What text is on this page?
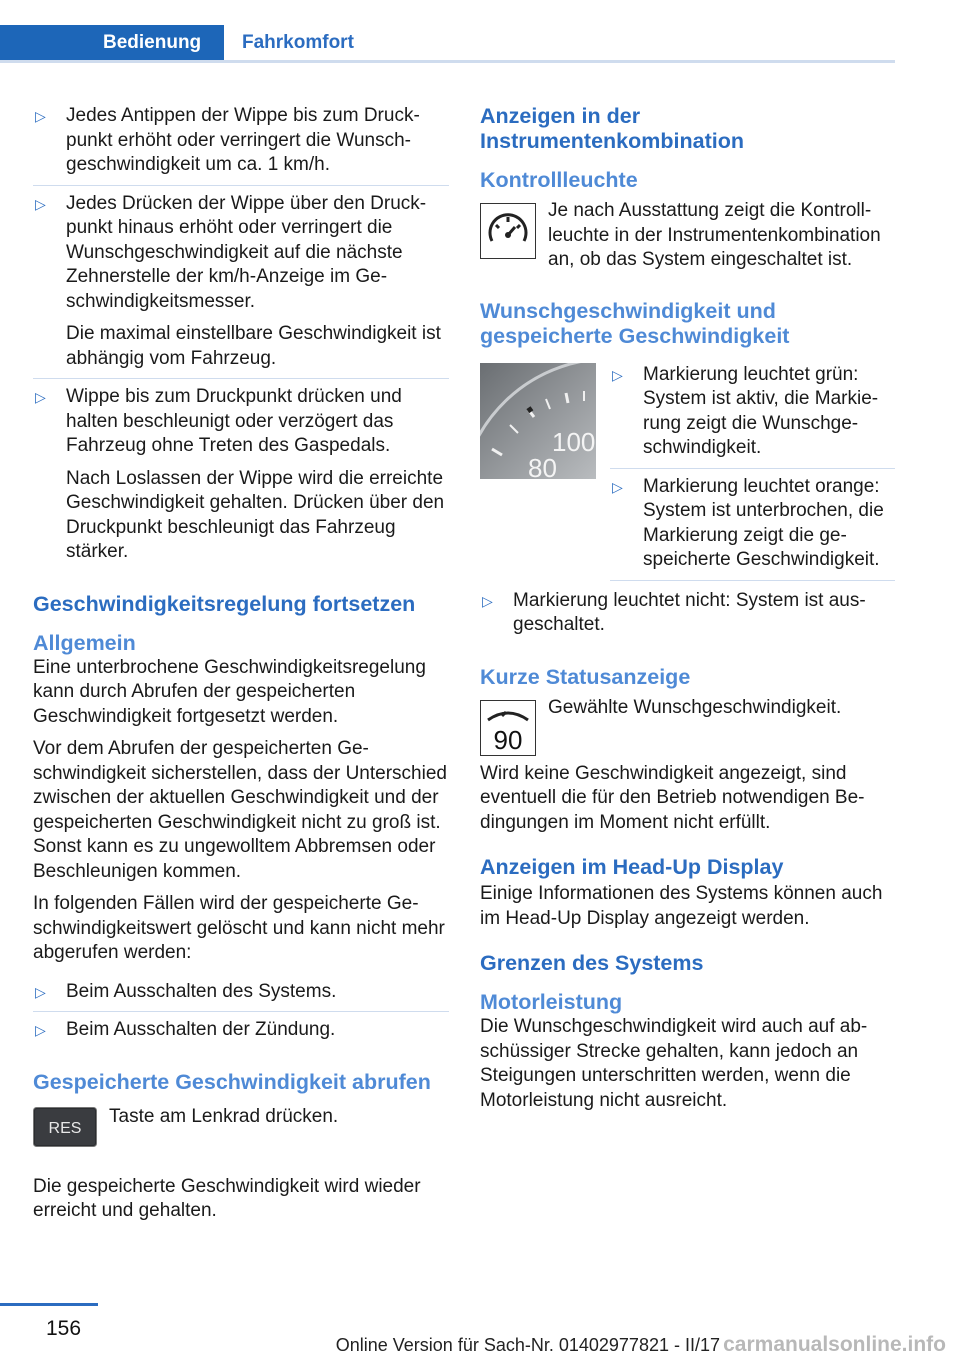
Bedienung	Fahrkomfort
▷ Jedes Antippen der Wippe bis zum Druckpunkt erhöht oder verringert die Wunschgeschwindigkeit um ca. 1 km/h.
▷ Jedes Drücken der Wippe über den Druckpunkt hinaus erhöht oder verringert die Wunschgeschwindigkeit auf die nächste Zehnerstelle der km/h-Anzeige im Geschwindigkeitsmesser.

Die maximal einstellbare Geschwindigkeit ist abhängig vom Fahrzeug.

▷ Wippe bis zum Druckpunkt drücken und halten beschleunigt oder verzögert das Fahrzeug ohne Treten des Gaspedals.

Nach Loslassen der Wippe wird die erreichte Geschwindigkeit gehalten. Drücken über den Druckpunkt beschleunigt das Fahrzeug stärker.

Geschwindigkeitsregelung fortsetzen
Allgemein

Eine unterbrochene Geschwindigkeitsregelung kann durch Abrufen der gespeicherten Geschwindigkeit fortgesetzt werden.

Vor dem Abrufen der gespeicherten Geschwindigkeit sicherstellen, dass der Unterschied zwischen der aktuellen Geschwindigkeit und der gespeicherten Geschwindigkeit nicht zu groß ist. Sonst kann es zu ungewolltem Abbremsen oder Beschleunigen kommen.

In folgenden Fällen wird der gespeicherte Geschwindigkeitswert gelöscht und kann nicht mehr abgerufen werden:

▷ Beim Ausschalten des Systems.
▷ Beim Ausschalten der Zündung.
Gespeicherte Geschwindigkeit abrufen
RES

Taste am Lenkrad drücken.

Die gespeicherte Geschwindigkeit wird wieder erreicht und gehalten.

Anzeigen in der Instrumentenkombination
Kontrollleuchte

Je nach Ausstattung zeigt die Kontrollleuchte in der Instrumentenkombination an, ob das System eingeschaltet ist.

Wunschgeschwindigkeit und gespeicherte Geschwindigkeit
100
80
▷ Markierung leuchtet grün: System ist aktiv, die Markierung zeigt die Wunschgeschwindigkeit.
▷ Markierung leuchtet orange: System ist unterbrochen, die Markierung zeigt die gespeicherte Geschwindigkeit.
▷ Markierung leuchtet nicht: System ist ausgeschaltet.
Kurze Statusanzeige
90

Gewählte Wunschgeschwindigkeit.

Wird keine Geschwindigkeit angezeigt, sind eventuell die für den Betrieb notwendigen Bedingungen im Moment nicht erfüllt.

Anzeigen im Head-Up Display

Einige Informationen des Systems können auch im Head-Up Display angezeigt werden.

Grenzen des Systems
Motorleistung

Die Wunschgeschwindigkeit wird auch auf abschüssiger Strecke gehalten, kann jedoch an Steigungen unterschritten werden, wenn die Motorleistung nicht ausreicht.

156
Online Version für Sach-Nr. 01402977821 - II/17 carmanualsonline.info
